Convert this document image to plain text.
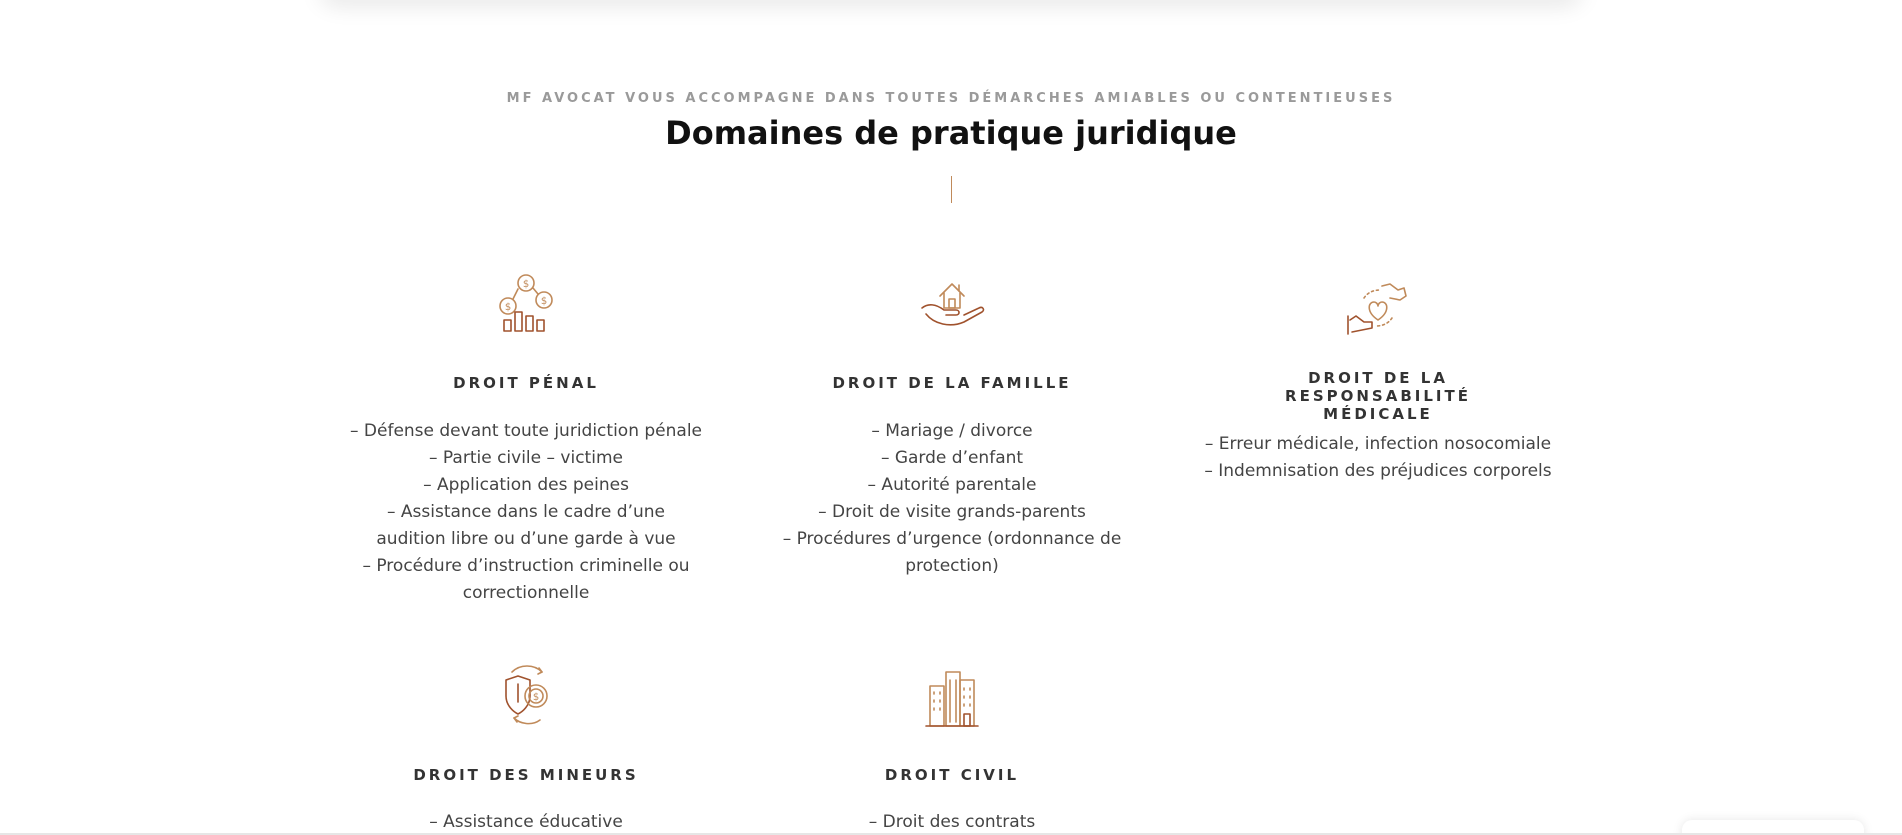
MF AVOCAT VOUS ACCOMPAGNE DANS TOUTES DÉMARCHES AMIABLES OU CONTENTIEUSES
Domaines de pratique juridique
$
$
$
DROIT PÉNAL
– Défense devant toute juridiction pénale
– Partie civile – victime
– Application des peines
– Assistance dans le cadre d’une audition libre ou d’une garde à vue
– Procédure d’instruction criminelle ou correctionnelle
DROIT DE LA FAMILLE
– Mariage / divorce
– Garde d’enfant
– Autorité parentale
– Droit de visite grands-parents
– Procédures d’urgence (ordonnance de protection)
DROIT DE LA RESPONSABILITÉ MÉDICALE
– Erreur médicale, infection nosocomiale
– Indemnisation des préjudices corporels
$
DROIT DES MINEURS
– Assistance éducative
DROIT CIVIL
– Droit des contrats
